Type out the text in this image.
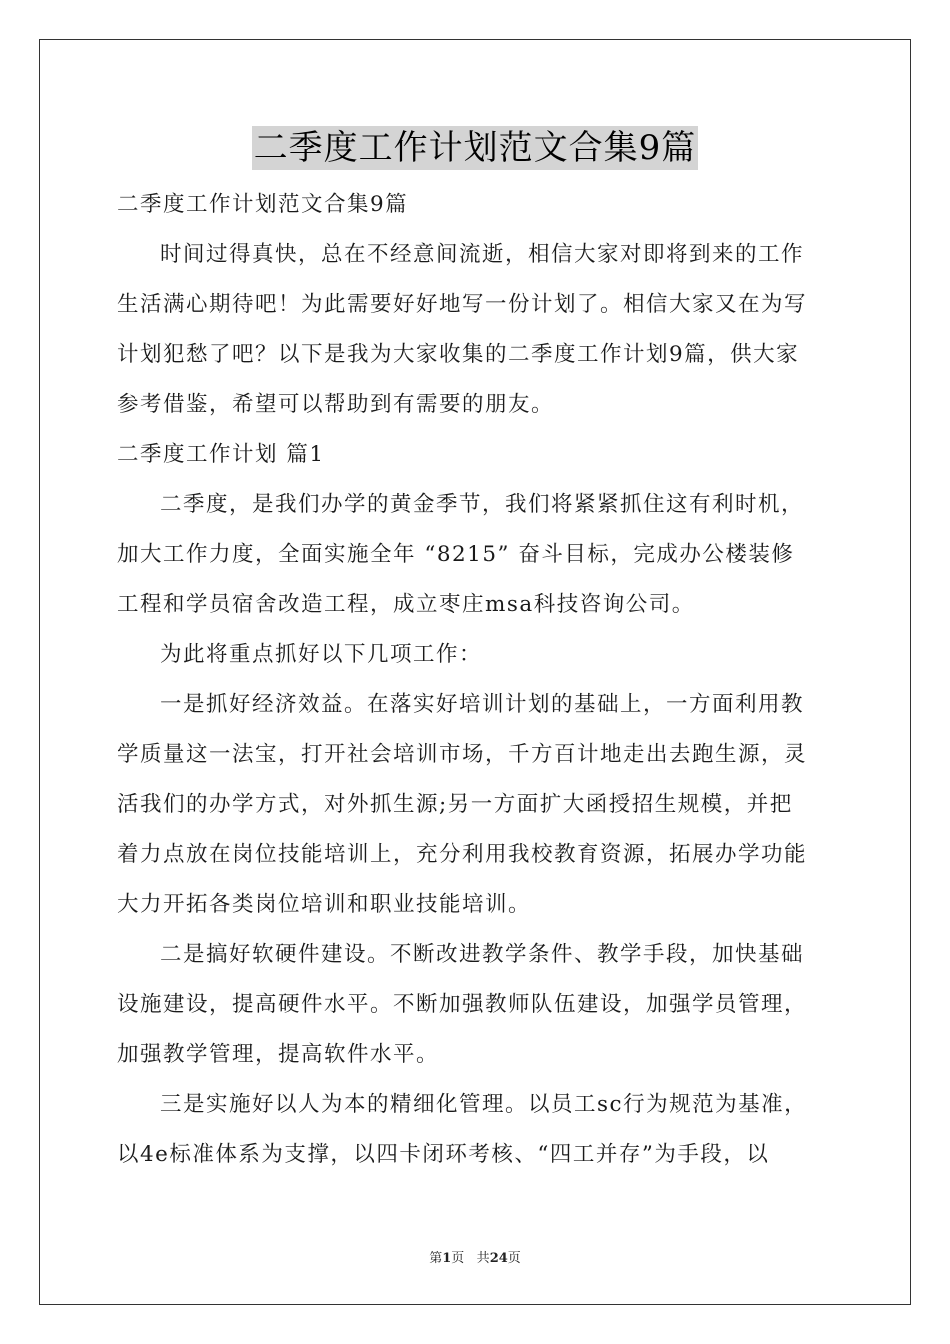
二季度工作计划范文合集9篇

二季度工作计划范文合集9篇

时间过得真快，总在不经意间流逝，相信大家对即将到来的工作
生活满心期待吧！为此需要好好地写一份计划了。相信大家又在为写
计划犯愁了吧？以下是我为大家收集的二季度工作计划9篇，供大家
参考借鉴，希望可以帮助到有需要的朋友。

二季度工作计划 篇1

二季度，是我们办学的黄金季节，我们将紧紧抓住这有利时机，
加大工作力度，全面实施全年 “8215” 奋斗目标，完成办公楼装修
工程和学员宿舍改造工程，成立枣庄msa科技咨询公司。

为此将重点抓好以下几项工作：

一是抓好经济效益。在落实好培训计划的基础上，一方面利用教
学质量这一法宝，打开社会培训市场，千方百计地走出去跑生源，灵
活我们的办学方式，对外抓生源;另一方面扩大函授招生规模，并把
着力点放在岗位技能培训上，充分利用我校教育资源，拓展办学功能
大力开拓各类岗位培训和职业技能培训。

二是搞好软硬件建设。不断改进教学条件、教学手段，加快基础
设施建设，提高硬件水平。不断加强教师队伍建设，加强学员管理，
加强教学管理，提高软件水平。

三是实施好以人为本的精细化管理。以员工sc行为规范为基准，
以4e标准体系为支撑，以四卡闭环考核、“四工并存”为手段，以

第1页 共24页
